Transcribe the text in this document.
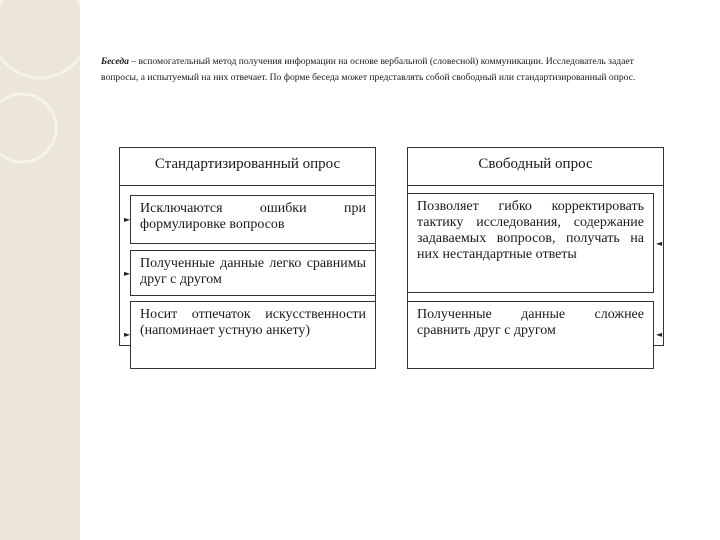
Беседа – вспомогательный метод получения информации на основе вербальной (словесной) коммуникации. Исследователь задает вопросы, а испытуемый на них отвечает. По форме беседа может представлять собой свободный или стандартизированный опрос.
Стандартизированный опрос
Исключаются ошибки при формулировке вопросов
Полученные данные легко сравнимы друг с другом
Носит отпечаток искусственности (напоминает устную анкету)
►
►
►
Свободный опрос
Позволяет гибко корректировать тактику исследования, содержание задаваемых вопросов, получать на них нестандартные ответы
Полученные данные сложнее сравнить друг с другом
►
►
